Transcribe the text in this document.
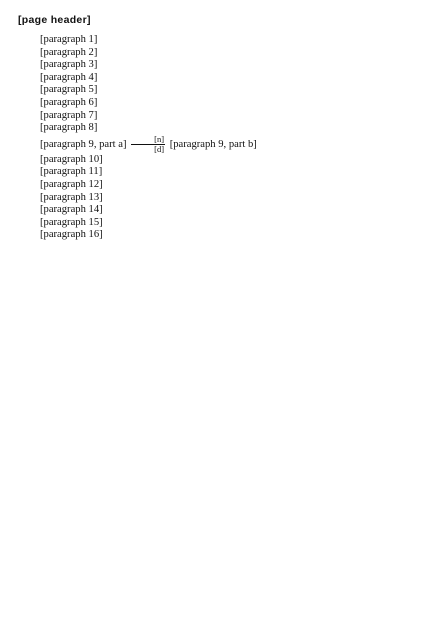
[page header]

[paragraph 1]

[paragraph 2]

[paragraph 3]

[paragraph 4]

[paragraph 5]

[paragraph 6]

[paragraph 7]

[paragraph 8]

[paragraph 9, part $a] \frac{[n]}{[d]}$ [paragraph 9, part b]

[paragraph 10]

[paragraph 11]

[paragraph 12]

[paragraph 13]

[paragraph 14]

[paragraph 15]

[paragraph 16]
